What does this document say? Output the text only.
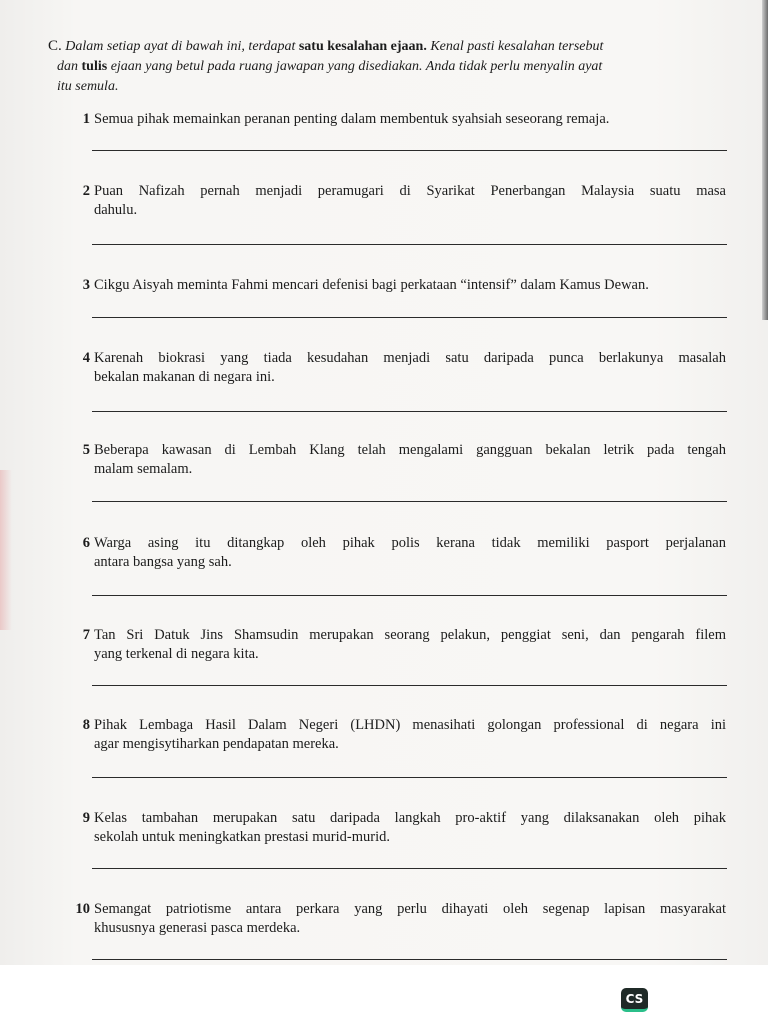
C. Dalam setiap ayat di bawah ini, terdapat satu kesalahan ejaan. Kenal pasti kesalahan tersebut
dan tulis ejaan yang betul pada ruang jawapan yang disediakan. Anda tidak perlu menyalin ayat
itu semula.
1 Semua pihak memainkan peranan penting dalam membentuk syahsiah seseorang remaja.
2 Puan Nafizah pernah menjadi peramugari di Syarikat Penerbangan Malaysia suatu masa
dahulu.
3 Cikgu Aisyah meminta Fahmi mencari defenisi bagi perkataan “intensif” dalam Kamus Dewan.
4 Karenah biokrasi yang tiada kesudahan menjadi satu daripada punca berlakunya masalah
bekalan makanan di negara ini.
5 Beberapa kawasan di Lembah Klang telah mengalami gangguan bekalan letrik pada tengah
malam semalam.
6 Warga asing itu ditangkap oleh pihak polis kerana tidak memiliki pasport perjalanan
antara bangsa yang sah.
7 Tan Sri Datuk Jins Shamsudin merupakan seorang pelakun, penggiat seni, dan pengarah filem
yang terkenal di negara kita.
8 Pihak Lembaga Hasil Dalam Negeri (LHDN) menasihati golongan professional di negara ini
agar mengisytiharkan pendapatan mereka.
9 Kelas tambahan merupakan satu daripada langkah pro-aktif yang dilaksanakan oleh pihak
sekolah untuk meningkatkan prestasi murid-murid.
10 Semangat patriotisme antara perkara yang perlu dihayati oleh segenap lapisan masyarakat
khususnya generasi pasca merdeka.
CS
